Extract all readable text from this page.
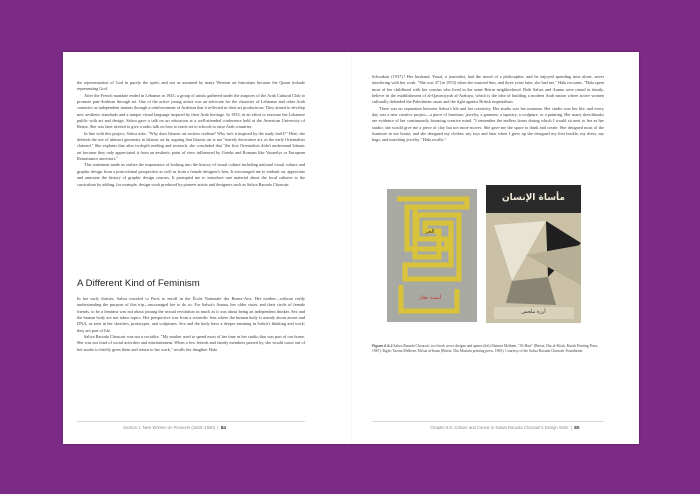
the representation of God in purely the spirit, and not as assumed by many Western art historians because the Quran forbade representing God.

After the French mandate ended in Lebanon in 1943, a group of artists gathered under the auspices of the Arab Cultural Club to promote pan-Arabism through art. One of the active young artists was an advocate for the character of Lebanese and other Arab countries as independent nations through a reinforcement of Arabism that it reflected in their art productions. They aimed to develop new aesthetic standards and a unique visual language inspired by their Arab heritage. In 1952, in an effort to reassure the Lebanese public with art and design, Salwa gave a talk on art education at a well-attended conference held at the American University of Beirut. She was later invited to give a radio talk on how to teach art to schools to raise Arab countries.

In line with this project, Salwa asks: "Why does Islamic art eschew realism? Why isn't it inspired by the study itself?" Here, she defends the use of abstract geometry in Islamic art by arguing that Islamic art is not "merely decorative art, as the early Orientalists claimed." She explains that after in-depth reading and research, she concluded that "the first Orientalists didn't understand Islamic art because they only appreciated it from an aesthetic point of view influenced by Greeks and Romans like Vasarelys or European Renaissance ancestors."

This statement made us realize the importance of looking into the history of visual culture including national visual culture and graphic design from a postcolonial perspective as well as from a female designer's lens. It encouraged me to embark on, appreciate and annotate the history of graphic design courses. It prompted me to introduce rare material about the local cultures to the curriculum by adding, for example, design work produced by pioneer artists and designers such as Salwa Raouda Choucair.

A Different Kind of Feminism

In her early thirties, Salwa traveled to Paris to enroll in the École Nationale des Beaux-Arts. Her mother—without really understanding the purpose of this trip—encouraged her to do so. For Salwa's Aunna, her older sister, and their circle of female friends, to be a feminist was not about joining the sexual revolution as much as it was about being an independent thinker. Sex and the human body are not taboo topics. Her perspective was from a scientific lens where the human body is mainly about atoms and DNA, as seen in her sketches, prototypes, and sculptures. Sex and the body have a deeper meaning in Salwa's thinking and work; they are part of life.

Salwa Raouda Choucair was not a socialite. "My mother used to spend most of her time in her studio that was part of our home. She was not fond of social activities and entertainment. When a few friends and family members passed by, she would come out of her studio to briefly greet them and return to her work," recalls her daughter Hala

Section 1: New Women on Pioneers (1830–1930)  |  84

Schoukair (1937).¹ Her husband, Yusuf, a journalist, had the mood of a philosopher, and he enjoyed spending time alone, never interfering with her work. "She was 37 [in 1953] when she married him, and three years later, she had me," Hala recounts. "Hala spent most of her childhood with her cousins who lived in the same Beirut neighborhood. Both Salwa and Aunna were raised in family, believe in the establishment of al-Qawmiyyah al-Arabiya, which is the idea of building a modern Arab nation where active women culturally defended the Palestinian cause and the fight against British imperialism.

There was no separation between Salwa's life and her creativity. Her studio was her museum. Her studio was her life, and every day was a new creative project—a piece of furniture, jewelry, a garment, a tapestry, a sculpture, or a painting. Her many sketchbooks are evidence of her continuously booming creative mind. "I remember the endless hours during which I would sit next to her as her studio; she would give me a piece of clay but not more moves. She gave me the space to think and create. She designed most of the furniture in our house, and she designed my clothes, my toys and later when I grew up she designed my first buckle, my dress, my bags, and matching jewelry," Hala recalls.¹

الحر
أنيسة نصّار
مأساة الإنسان
أرزة ملحس
Figure 6.5.2 Salwa Raouda Choucair: two book cover designs and spines (left) Shamsa Melhem, "Al-Hurr" (Beirut: Dar al-Kitab, Kutub Printing Press, 1967). Right: Tazruz Melhem, Ma'sat al-Insan (Beirut: Dar Mustafa printing press, 1965). Courtesy of the Salwa Raouda Choucair Foundation.
Chapter 6.5: Culture and Career in Salwa Raouda Choucair's Design Work  |  85
